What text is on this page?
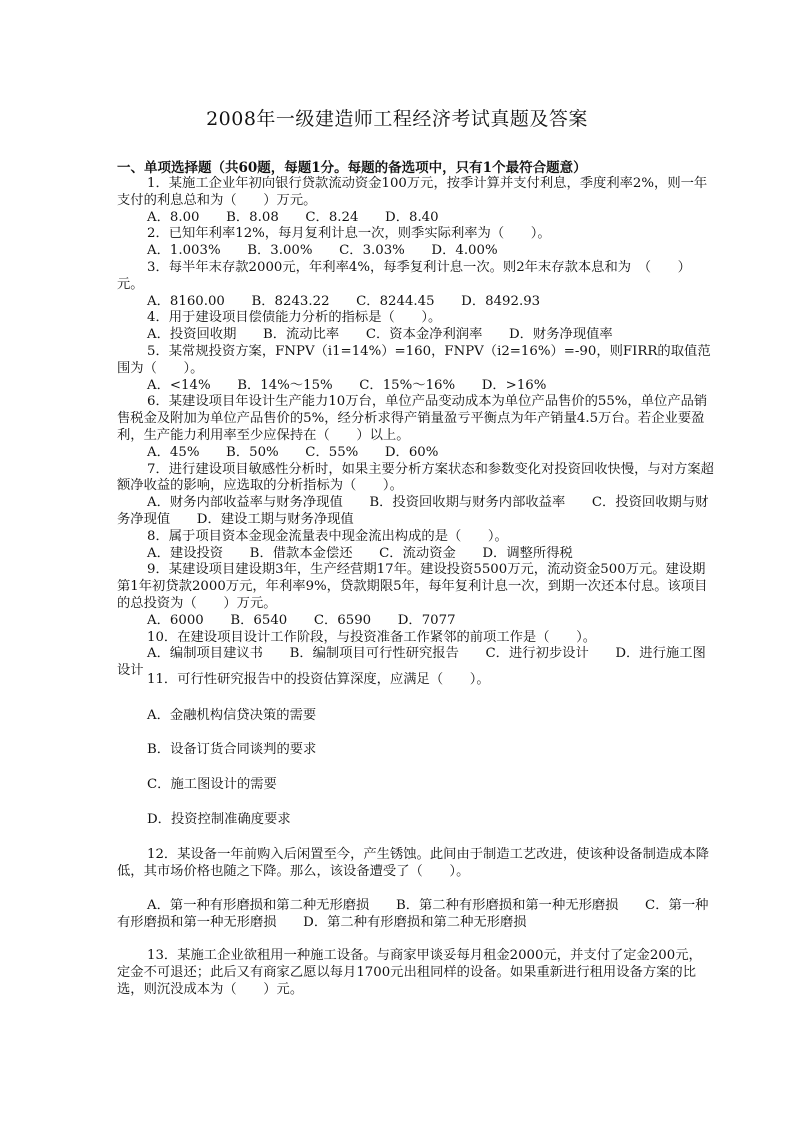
2008年一级建造师工程经济考试真题及答案
一、单项选择题（共60题，每题1分。每题的备选项中，只有1个最符合题意）

1．某施工企业年初向银行贷款流动资金100万元，按季计算并支付利息，季度利率2%，则一年支付的利息总和为（　　）万元。

A．8.00　　B．8.08　　C．8.24　　D．8.40

2．已知年利率12%，每月复利计息一次，则季实际利率为（　　）。

A．1.003%　　B．3.00%　　C．3.03%　　D．4.00%

3．每半年末存款2000元，年利率4%，每季复利计息一次。则2年末存款本息和为　（　　）元。

A．8160.00　　B．8243.22　　C．8244.45　　D．8492.93

4．用于建设项目偿债能力分析的指标是（　　）。

A．投资回收期　　B．流动比率　　C．资本金净利润率　　D．财务净现值率

5．某常规投资方案，FNPV（i1=14%）=160，FNPV（i2=16%）=-90，则FIRR的取值范围为（　　）。

A．<14%　　B．14%～15%　　C．15%～16%　　D．>16%

6．某建设项目年设计生产能力10万台，单位产品变动成本为单位产品售价的55%，单位产品销售税金及附加为单位产品售价的5%，经分析求得产销量盈亏平衡点为年产销量4.5万台。若企业要盈利，生产能力利用率至少应保持在（　　）以上。

A．45%　　B．50%　　C．55%　　D．60%

7．进行建设项目敏感性分析时，如果主要分析方案状态和参数变化对投资回收快慢，与对方案超额净收益的影响，应选取的分析指标为（　　）。

A．财务内部收益率与财务净现值　　B．投资回收期与财务内部收益率　　C．投资回收期与财务净现值　　D．建设工期与财务净现值

8．属于项目资本金现金流量表中现金流出构成的是（　　）。

A．建设投资　　B．借款本金偿还　　C．流动资金　　D．调整所得税

9．某建设项目建设期3年，生产经营期17年。建设投资5500万元，流动资金500万元。建设期第1年初贷款2000万元，年利率9%，贷款期限5年，每年复利计息一次，到期一次还本付息。该项目的总投资为（　　）万元。

A．6000　　B．6540　　C．6590　　D．7077

10．在建设项目设计工作阶段，与投资准备工作紧邻的前项工作是（　　）。

A．编制项目建议书　　B．编制项目可行性研究报告　　C．进行初步设计　　D．进行施工图设计

11．可行性研究报告中的投资估算深度，应满足（　　）。

A．金融机构信贷决策的需要

B．设备订货合同谈判的要求

C．施工图设计的需要

D．投资控制准确度要求

12．某设备一年前购入后闲置至今，产生锈蚀。此间由于制造工艺改进，使该种设备制造成本降低，其市场价格也随之下降。那么，该设备遭受了（　　）。

A．第一种有形磨损和第二种无形磨损　　B．第二种有形磨损和第一种无形磨损　　C．第一种有形磨损和第一种无形磨损　　D．第二种有形磨损和第二种无形磨损

13．某施工企业欲租用一种施工设备。与商家甲谈妥每月租金2000元，并支付了定金200元，定金不可退还；此后又有商家乙愿以每月1700元出租同样的设备。如果重新进行租用设备方案的比选，则沉没成本为（　　）元。
